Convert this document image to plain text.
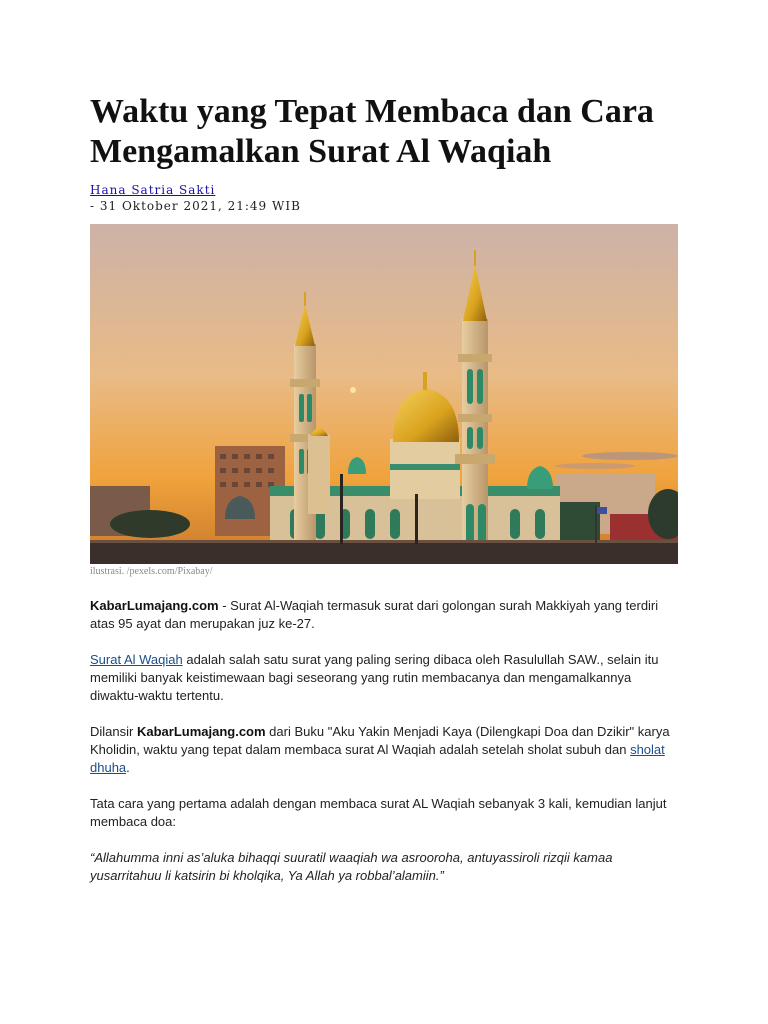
Waktu yang Tepat Membaca dan Cara Mengamalkan Surat Al Waqiah
Hana Satria Sakti
- 31 Oktober 2021, 21:49 WIB
ilustrasi. /pexels.com/Pixabay/

KabarLumajang.com - Surat Al-Waqiah termasuk surat dari golongan surah Makkiyah yang terdiri atas 95 ayat dan merupakan juz ke-27.

Surat Al Waqiah adalah salah satu surat yang paling sering dibaca oleh Rasulullah SAW., selain itu memiliki banyak keistimewaan bagi seseorang yang rutin membacanya dan mengamalkannya diwaktu-waktu tertentu.

Dilansir KabarLumajang.com dari Buku "Aku Yakin Menjadi Kaya (Dilengkapi Doa dan Dzikir" karya Kholidin, waktu yang tepat dalam membaca surat Al Waqiah adalah setelah sholat subuh dan sholat dhuha.

Tata cara yang pertama adalah dengan membaca surat AL Waqiah sebanyak 3 kali, kemudian lanjut membaca doa:

“Allahumma inni as’aluka bihaqqi suuratil waaqiah wa asrooroha, antuyassiroli rizqii kamaa yusarritahuu li katsirin bi kholqika, Ya Allah ya robbal’alamiin.”
